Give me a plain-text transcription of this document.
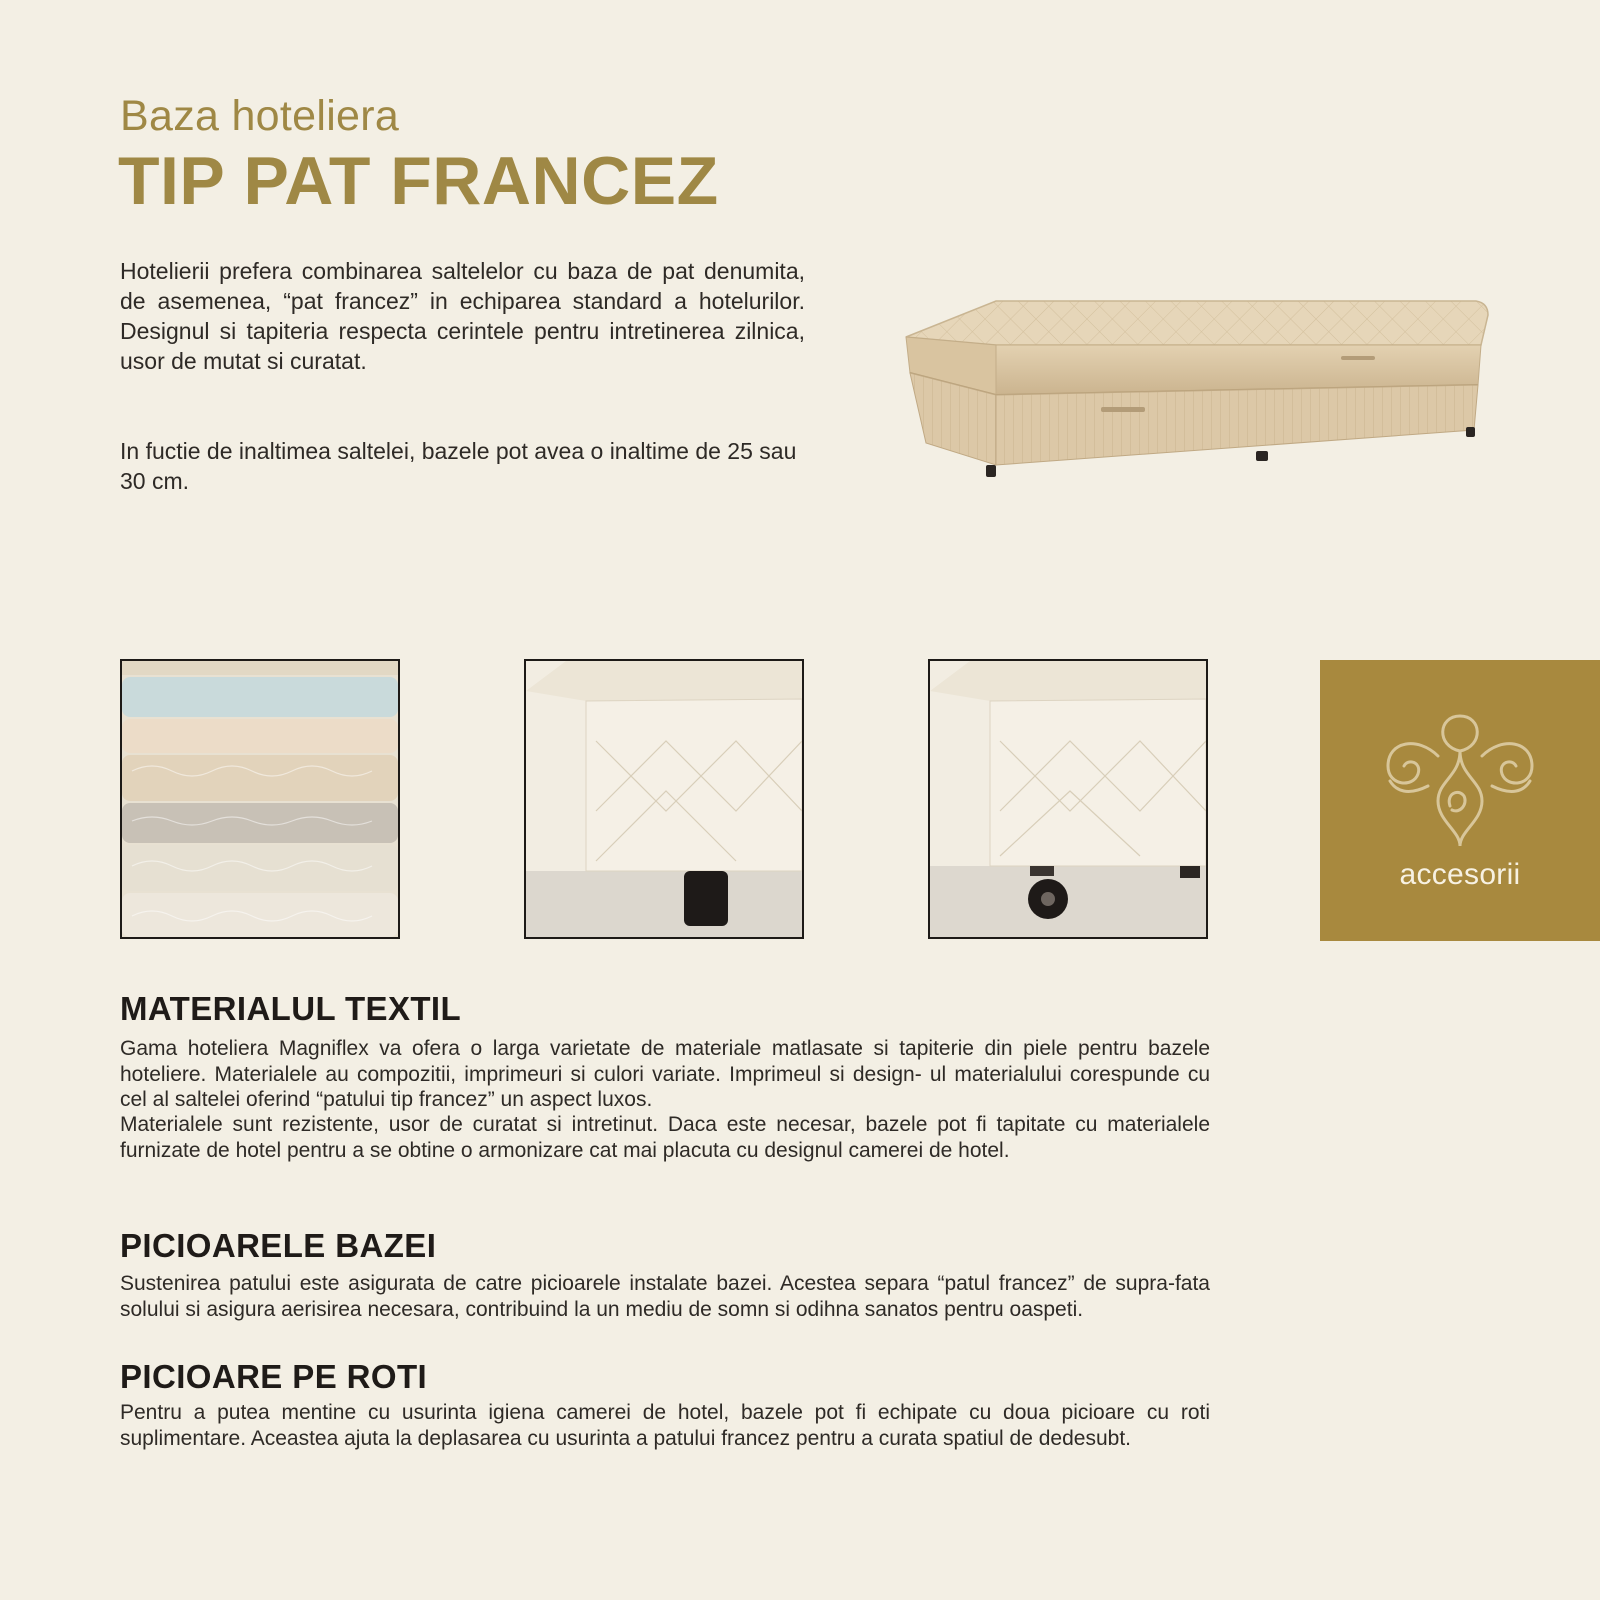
Baza hoteliera
TIP PAT FRANCEZ

Hotelierii prefera combinarea saltelelor cu baza de pat denumita, de asemenea, “pat francez” in echiparea standard a hotelurilor. Designul si tapiteria respecta cerintele pentru intretinerea zilnica, usor de mutat si curatat.

In fuctie de inaltimea saltelei, bazele pot avea o inaltime de 25 sau 30 cm.

accesorii
MATERIALUL TEXTIL

Gama hoteliera Magniflex va ofera o larga varietate de materiale matlasate si tapiterie din piele pentru bazele hoteliere. Materialele au compozitii, imprimeuri si culori variate. Imprimeul si design- ul materialului corespunde cu cel al saltelei oferind “patului tip francez” un aspect luxos.

Materialele sunt rezistente, usor de curatat si intretinut. Daca este necesar, bazele pot fi tapitate cu materialele furnizate de hotel pentru a se obtine o armonizare cat mai placuta cu designul camerei de hotel.

PICIOARELE BAZEI

Sustenirea patului este asigurata de catre picioarele instalate bazei. Acestea separa “patul francez” de supra-fata solului si asigura aerisirea necesara, contribuind la un mediu de somn si odihna sanatos pentru oaspeti.

PICIOARE PE ROTI

Pentru a putea mentine cu usurinta igiena camerei de hotel, bazele pot fi echipate cu doua picioare cu roti suplimentare. Aceastea ajuta la deplasarea cu usurinta a patului francez pentru a curata spatiul de dedesubt.
